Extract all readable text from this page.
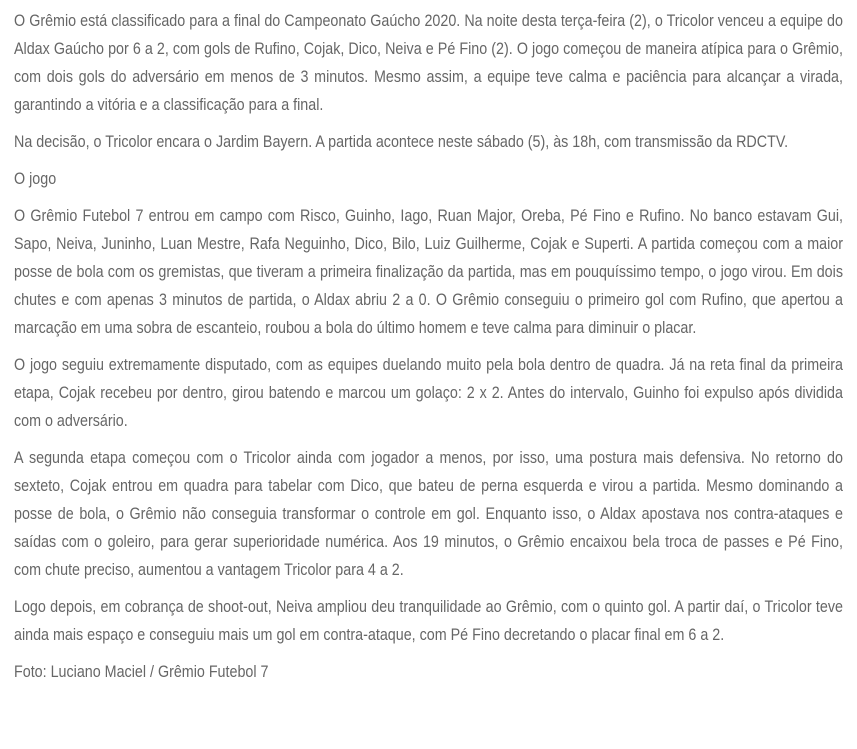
O Grêmio está classificado para a final do Campeonato Gaúcho 2020. Na noite desta terça-feira (2), o Tricolor venceu a equipe do Aldax Gaúcho por 6 a 2, com gols de Rufino, Cojak, Dico, Neiva e Pé Fino (2). O jogo começou de maneira atípica para o Grêmio, com dois gols do adversário em menos de 3 minutos. Mesmo assim, a equipe teve calma e paciência para alcançar a virada, garantindo a vitória e a classificação para a final.

Na decisão, o Tricolor encara o Jardim Bayern. A partida acontece neste sábado (5), às 18h, com transmissão da RDCTV.

O jogo

O Grêmio Futebol 7 entrou em campo com Risco, Guinho, Iago, Ruan Major, Oreba, Pé Fino e Rufino. No banco estavam Gui, Sapo, Neiva, Juninho, Luan Mestre, Rafa Neguinho, Dico, Bilo, Luiz Guilherme, Cojak e Superti. A partida começou com a maior posse de bola com os gremistas, que tiveram a primeira finalização da partida, mas em pouquíssimo tempo, o jogo virou. Em dois chutes e com apenas 3 minutos de partida, o Aldax abriu 2 a 0. O Grêmio conseguiu o primeiro gol com Rufino, que apertou a marcação em uma sobra de escanteio, roubou a bola do último homem e teve calma para diminuir o placar.

O jogo seguiu extremamente disputado, com as equipes duelando muito pela bola dentro de quadra. Já na reta final da primeira etapa, Cojak recebeu por dentro, girou batendo e marcou um golaço: 2 x 2. Antes do intervalo, Guinho foi expulso após dividida com o adversário.

A segunda etapa começou com o Tricolor ainda com jogador a menos, por isso, uma postura mais defensiva. No retorno do sexteto, Cojak entrou em quadra para tabelar com Dico, que bateu de perna esquerda e virou a partida. Mesmo dominando a posse de bola, o Grêmio não conseguia transformar o controle em gol. Enquanto isso, o Aldax apostava nos contra-ataques e saídas com o goleiro, para gerar superioridade numérica. Aos 19 minutos, o Grêmio encaixou bela troca de passes e Pé Fino, com chute preciso, aumentou a vantagem Tricolor para 4 a 2.

Logo depois, em cobrança de shoot-out, Neiva ampliou deu tranquilidade ao Grêmio, com o quinto gol. A partir daí, o Tricolor teve ainda mais espaço e conseguiu mais um gol em contra-ataque, com Pé Fino decretando o placar final em 6 a 2.

Foto: Luciano Maciel / Grêmio Futebol 7
